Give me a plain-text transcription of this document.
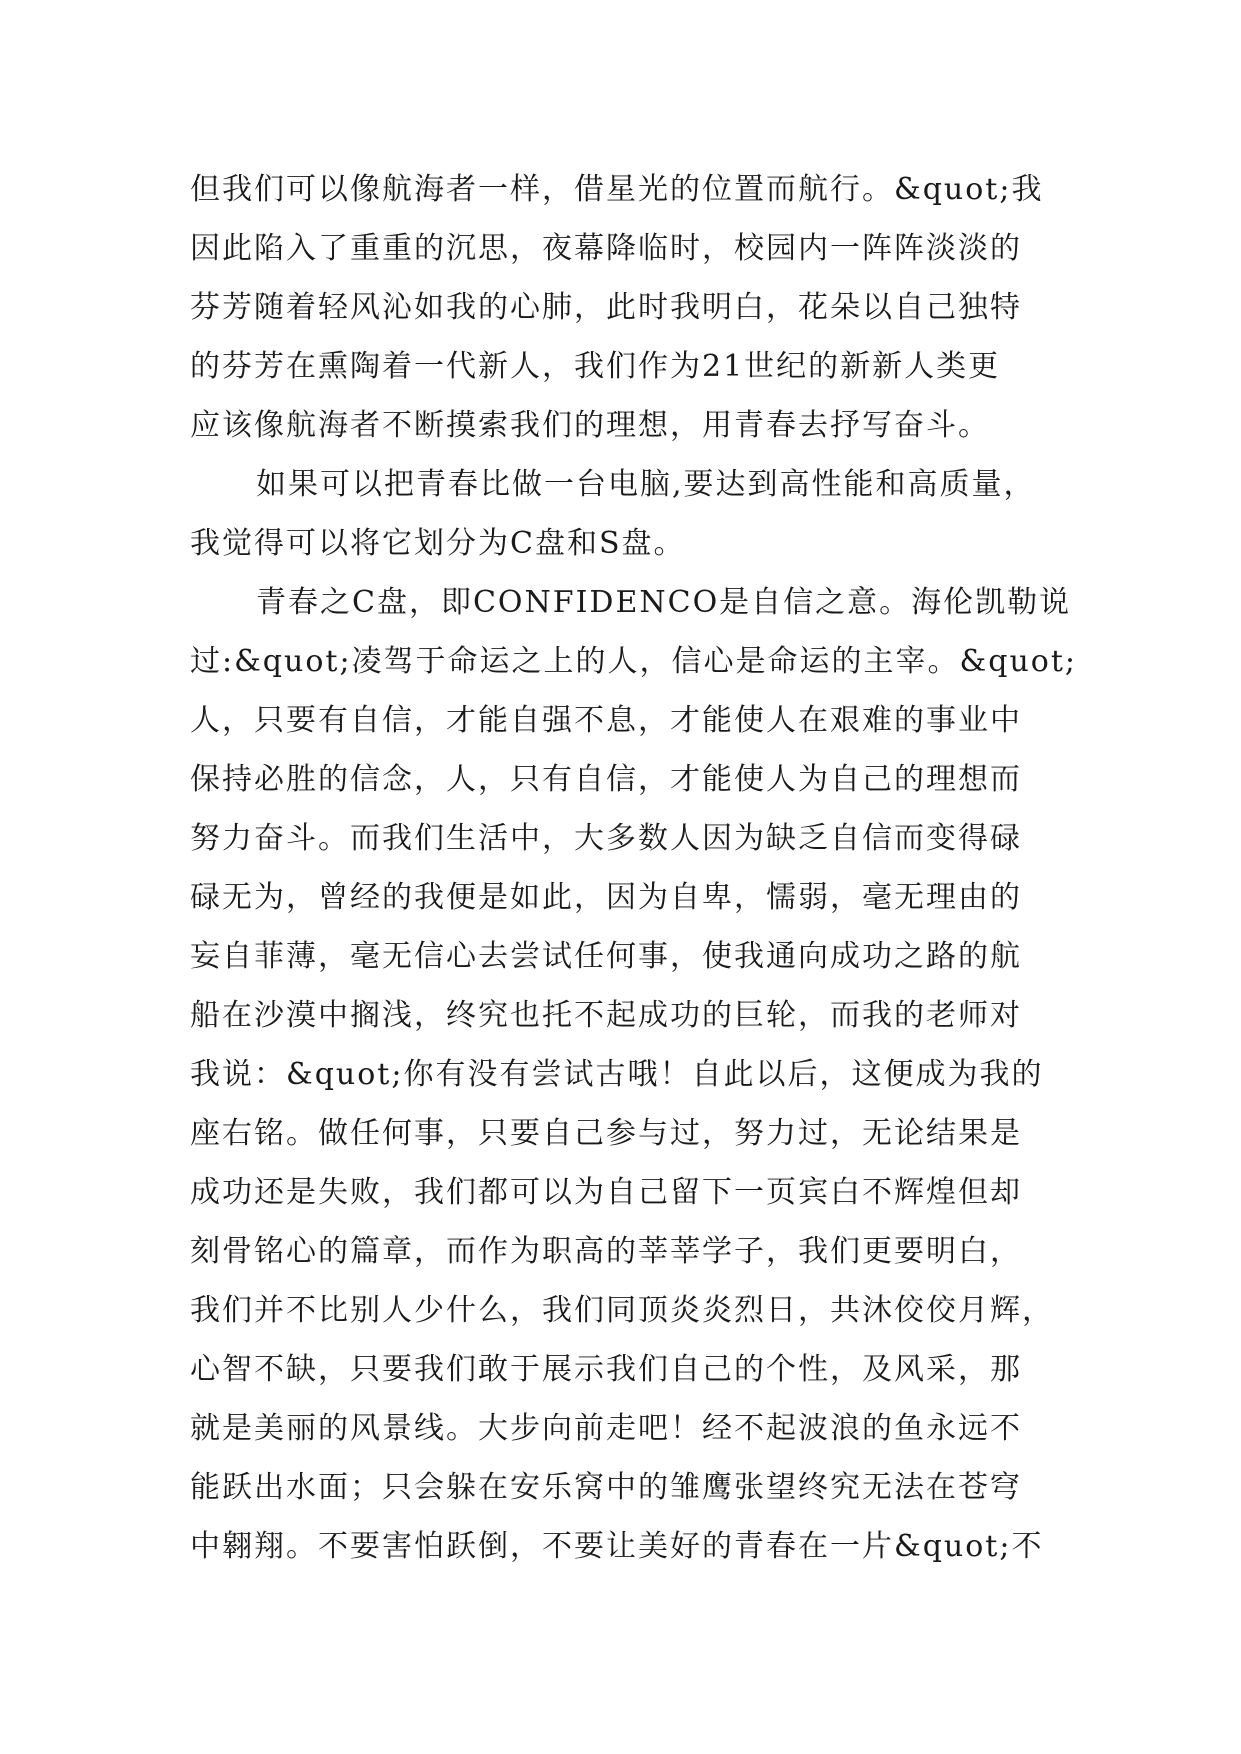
但我们可以像航海者一样，借星光的位置而航行。&quot;我
因此陷入了重重的沉思，夜幕降临时，校园内一阵阵淡淡的
芬芳随着轻风沁如我的心肺，此时我明白，花朵以自己独特
的芬芳在熏陶着一代新人，我们作为21世纪的新新人类更
应该像航海者不断摸索我们的理想，用青春去抒写奋斗。
如果可以把青春比做一台电脑,要达到高性能和高质量，
我觉得可以将它划分为C盘和S盘。
青春之C盘，即CONFIDENCO是自信之意。海伦凯勒说
过:&quot;凌驾于命运之上的人，信心是命运的主宰。&quot;
人，只要有自信，才能自强不息，才能使人在艰难的事业中
保持必胜的信念，人，只有自信，才能使人为自己的理想而
努力奋斗。而我们生活中，大多数人因为缺乏自信而变得碌
碌无为，曾经的我便是如此，因为自卑，懦弱，毫无理由的
妄自菲薄，毫无信心去尝试任何事，使我通向成功之路的航
船在沙漠中搁浅，终究也托不起成功的巨轮，而我的老师对
我说：&quot;你有没有尝试古哦！自此以后，这便成为我的
座右铭。做任何事，只要自己参与过，努力过，无论结果是
成功还是失败，我们都可以为自己留下一页宾白不辉煌但却
刻骨铭心的篇章，而作为职高的莘莘学子，我们更要明白，
我们并不比别人少什么，我们同顶炎炎烈日，共沐佼佼月辉，
心智不缺，只要我们敢于展示我们自己的个性，及风采，那
就是美丽的风景线。大步向前走吧！经不起波浪的鱼永远不
能跃出水面；只会躲在安乐窝中的雏鹰张望终究无法在苍穹
中翱翔。不要害怕跃倒，不要让美好的青春在一片&quot;不
